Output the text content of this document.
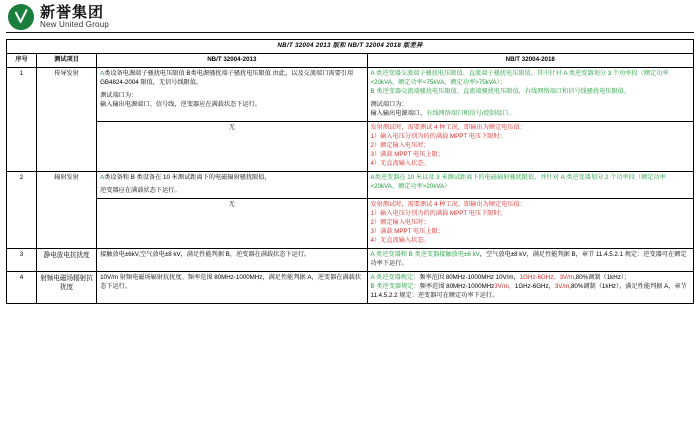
新誉集团
New United Group
NB/T 32004 2013 版和 NB/T 32004 2018 版差异			
序号	测试项目	NB/T 32004-2013	NB/T 32004-2018
1	传导发射	A类设备电源端子骚扰电压限值 B类电源骚扰端子骚扰电压限值 由此，以及交流端口需要引用 GB4824-2004 限值，无信号线限值。
测试端口为：
输入输出电源端口、信号线，逆变器应在满载状态下运行。	A 类逆变器交流端子骚扰电压限值、直流端子骚扰电压限值，其中针对 A 类逆变器划分 3 个功率段（额定功率<20kVA、额定功率<75kVA、额定功率>75kVA）；
B 类逆变器交流端骚扰电压限值、直流端骚扰电压限值，有线网络端口和信号线骚扰电压限值。
测试端口为：
输入输出电源端口、有线网络端口和信号/控制端口。

		无	发射测试时，需要测试 4 种工况，即输出为额定电压值：
1）输入电压分别为的的满载 MPPT 电压下限时；
2）额定输入电压时；
3）满载 MPPT 电压上限；
4）无直流输入状态。

2	辐射发射	A类设备和 B 类设备在 10 米测试距离下的电磁辐射骚扰限值，
逆变器应在满载状态下运行。	A类逆变器在 10 米以及 3 米测试距离下的电磁辐射骚扰限值，并针对 A 类逆变器划分 2 个功率段（额定功率<20kVA、额定功率>20kVA）

		无	发射测试时，需要测试 4 种工况，即输出为额定电压值：
1）输入电压分别为的的满载 MPPT 电压下限时；
2）额定输入电压时；
3）满载 MPPT 电压上限；
4）无直流输入状态。

3	静电放电抗扰度	接触放电±6kV,空气放电±8 kV，满足性能判据 B，逆变器在满载状态下运行。	A 类逆变器和 B 类逆变器接触放电±6 kV，空气放电±8 kV，满足性能判据 B，章节 11.4.5.2.1 规定：逆变器可在额定功率下运行。
4	射频电磁场辐射抗扰度	10V/m 射频电磁场辐射抗扰度、频率范围 80MHz-1000MHz，满足性能判据 A，逆变器在满载状态下运行。	A 类逆变器规定：频率范围 80MHz-1000MHz 10V/m，1GHz-6GHz，3V/m,80%调制（1kHz）；
B 类逆变器规定：频率范围 80MHz-1000MHz3V/m，1GHz-6GHz，3V/m,80%调制（1kHz），满足性能判据 A，章节 11.4.5.2.2 规定：逆变器可在额定功率下运行。
